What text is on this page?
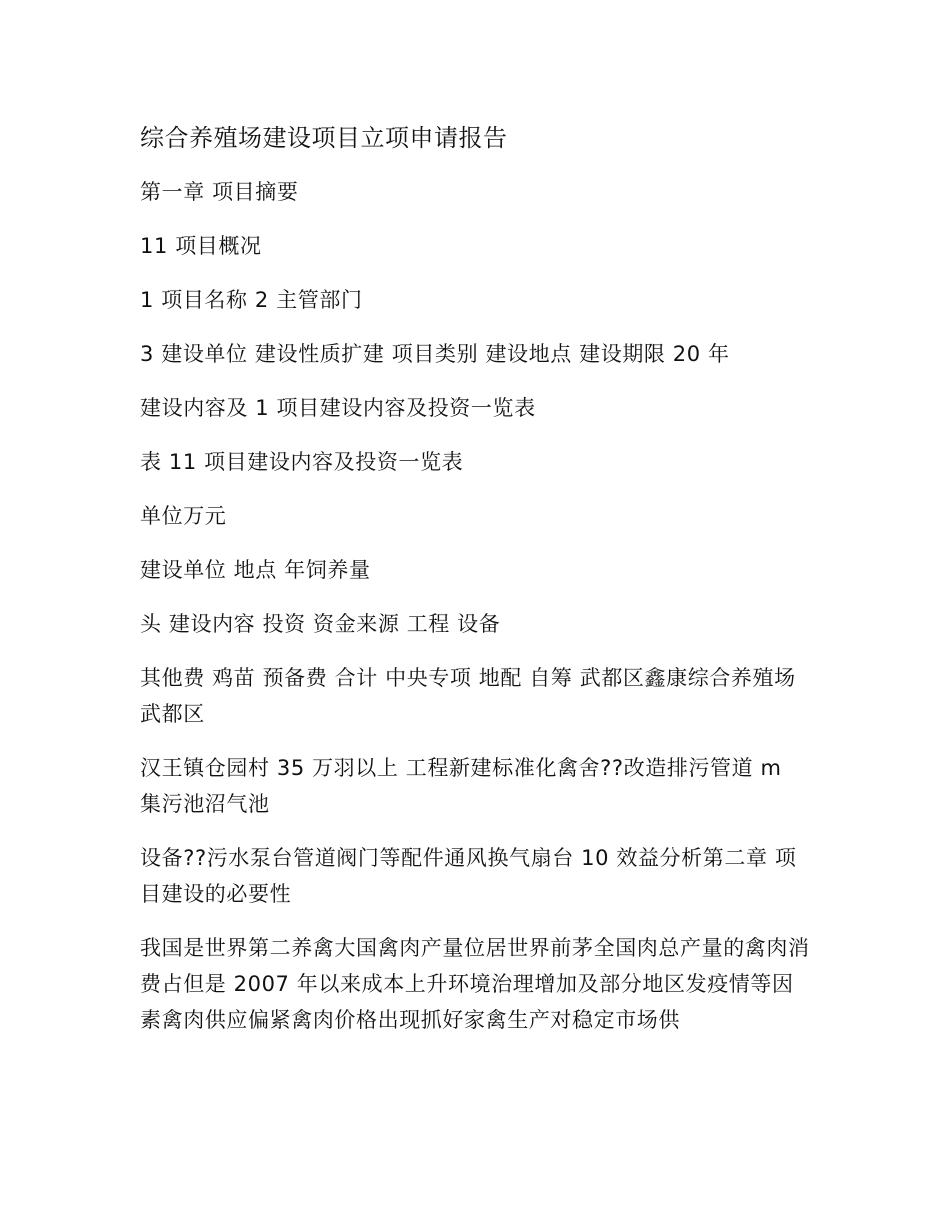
综合养殖场建设项目立项申请报告

第一章 项目摘要

11 项目概况

1 项目名称 2 主管部门

3 建设单位 建设性质扩建 项目类别 建设地点 建设期限 20 年

建设内容及 1 项目建设内容及投资一览表

表 11 项目建设内容及投资一览表

单位万元

建设单位 地点 年饲养量

头 建设内容 投资 资金来源 工程 设备

其他费 鸡苗 预备费 合计 中央专项 地配 自筹 武都区鑫康综合养殖场 武都区

汉王镇仓园村 35 万羽以上 工程新建标准化禽舍??改造排污管道 m 集污池沼气池

设备??污水泵台管道阀门等配件通风换气扇台 10 效益分析第二章 项目建设的必要性

我国是世界第二养禽大国禽肉产量位居世界前茅全国肉总产量的禽肉消费占但是 2007 年以来成本上升环境治理增加及部分地区发疫情等因素禽肉供应偏紧禽肉价格出现抓好家禽生产对稳定市场供
